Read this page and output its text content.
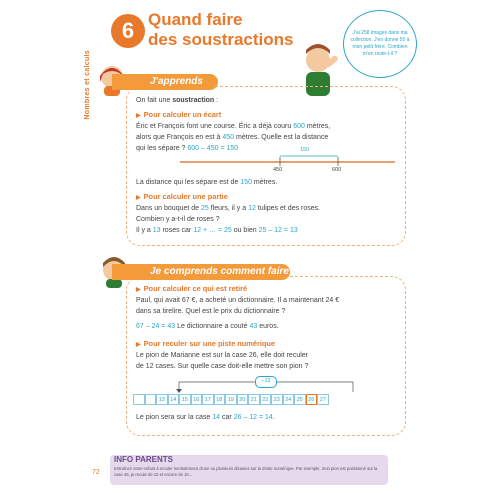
6 Quand faire
des soustractions
Nombres et calculs
J'ai 258 images dans ma collection. J'en donne 50 à mon petit frère. Combien m'en reste-t-il ?
J'apprends
On fait une soustraction :
▶ Pour calculer un écart
Éric et François font une course. Éric a déjà couru 600 mètres,
alors que François en est à 450 mètres. Quelle est la distance
qui les sépare ? 600 – 450 = 150	150
450	600
La distance qui les sépare est de 150 mètres.
▶ Pour calculer une partie
Dans un bouquet de 25 fleurs, il y a 12 tulipes et des roses.
Combien y a-t-il de roses ?
Il y a 13 roses car 12 + … = 25 ou bien 25 – 12 = 13
Je comprends comment faire
▶ Pour calculer ce qui est retiré
Paul, qui avait 67 €, a acheté un dictionnaire. Il a maintenant 24 €
dans sa tirelire. Quel est le prix du dictionnaire ?
67 – 24 = 43 Le dictionnaire a couté 43 euros.
▶ Pour reculer sur une piste numérique
Le pion de Marianne est sur la case 26, elle doit reculer
de 12 cases. Sur quelle case doit-elle mettre son pion ?
–12
13 14 15 16 17 18 19 20 21 22 23 24 25 26 27
Le pion sera sur la case 14 car 26 – 12 = 14.
INFO PARENTS
Entraînez votre enfant à reculer mentalement d'une ou plusieurs dizaines sur la droite numérique. Par exemple, mon pion est positionné sur la case 45, je recule de 10 et encore de 10...
72
